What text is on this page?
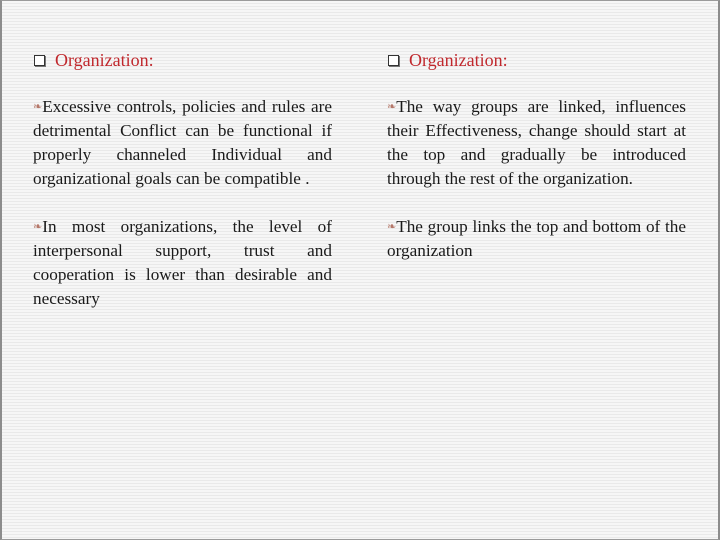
Organization:
❧Excessive controls, policies and rules are detrimental Conflict can be functional if properly channeled Individual and organizational goals can be compatible .
❧In most organizations, the level of interpersonal support, trust and cooperation is lower than desirable and necessary
Organization:
❧The way groups are linked, influences their Effectiveness, change should start at the top and gradually be introduced through the rest of the organization.
❧The group links the top and bottom of the organization
